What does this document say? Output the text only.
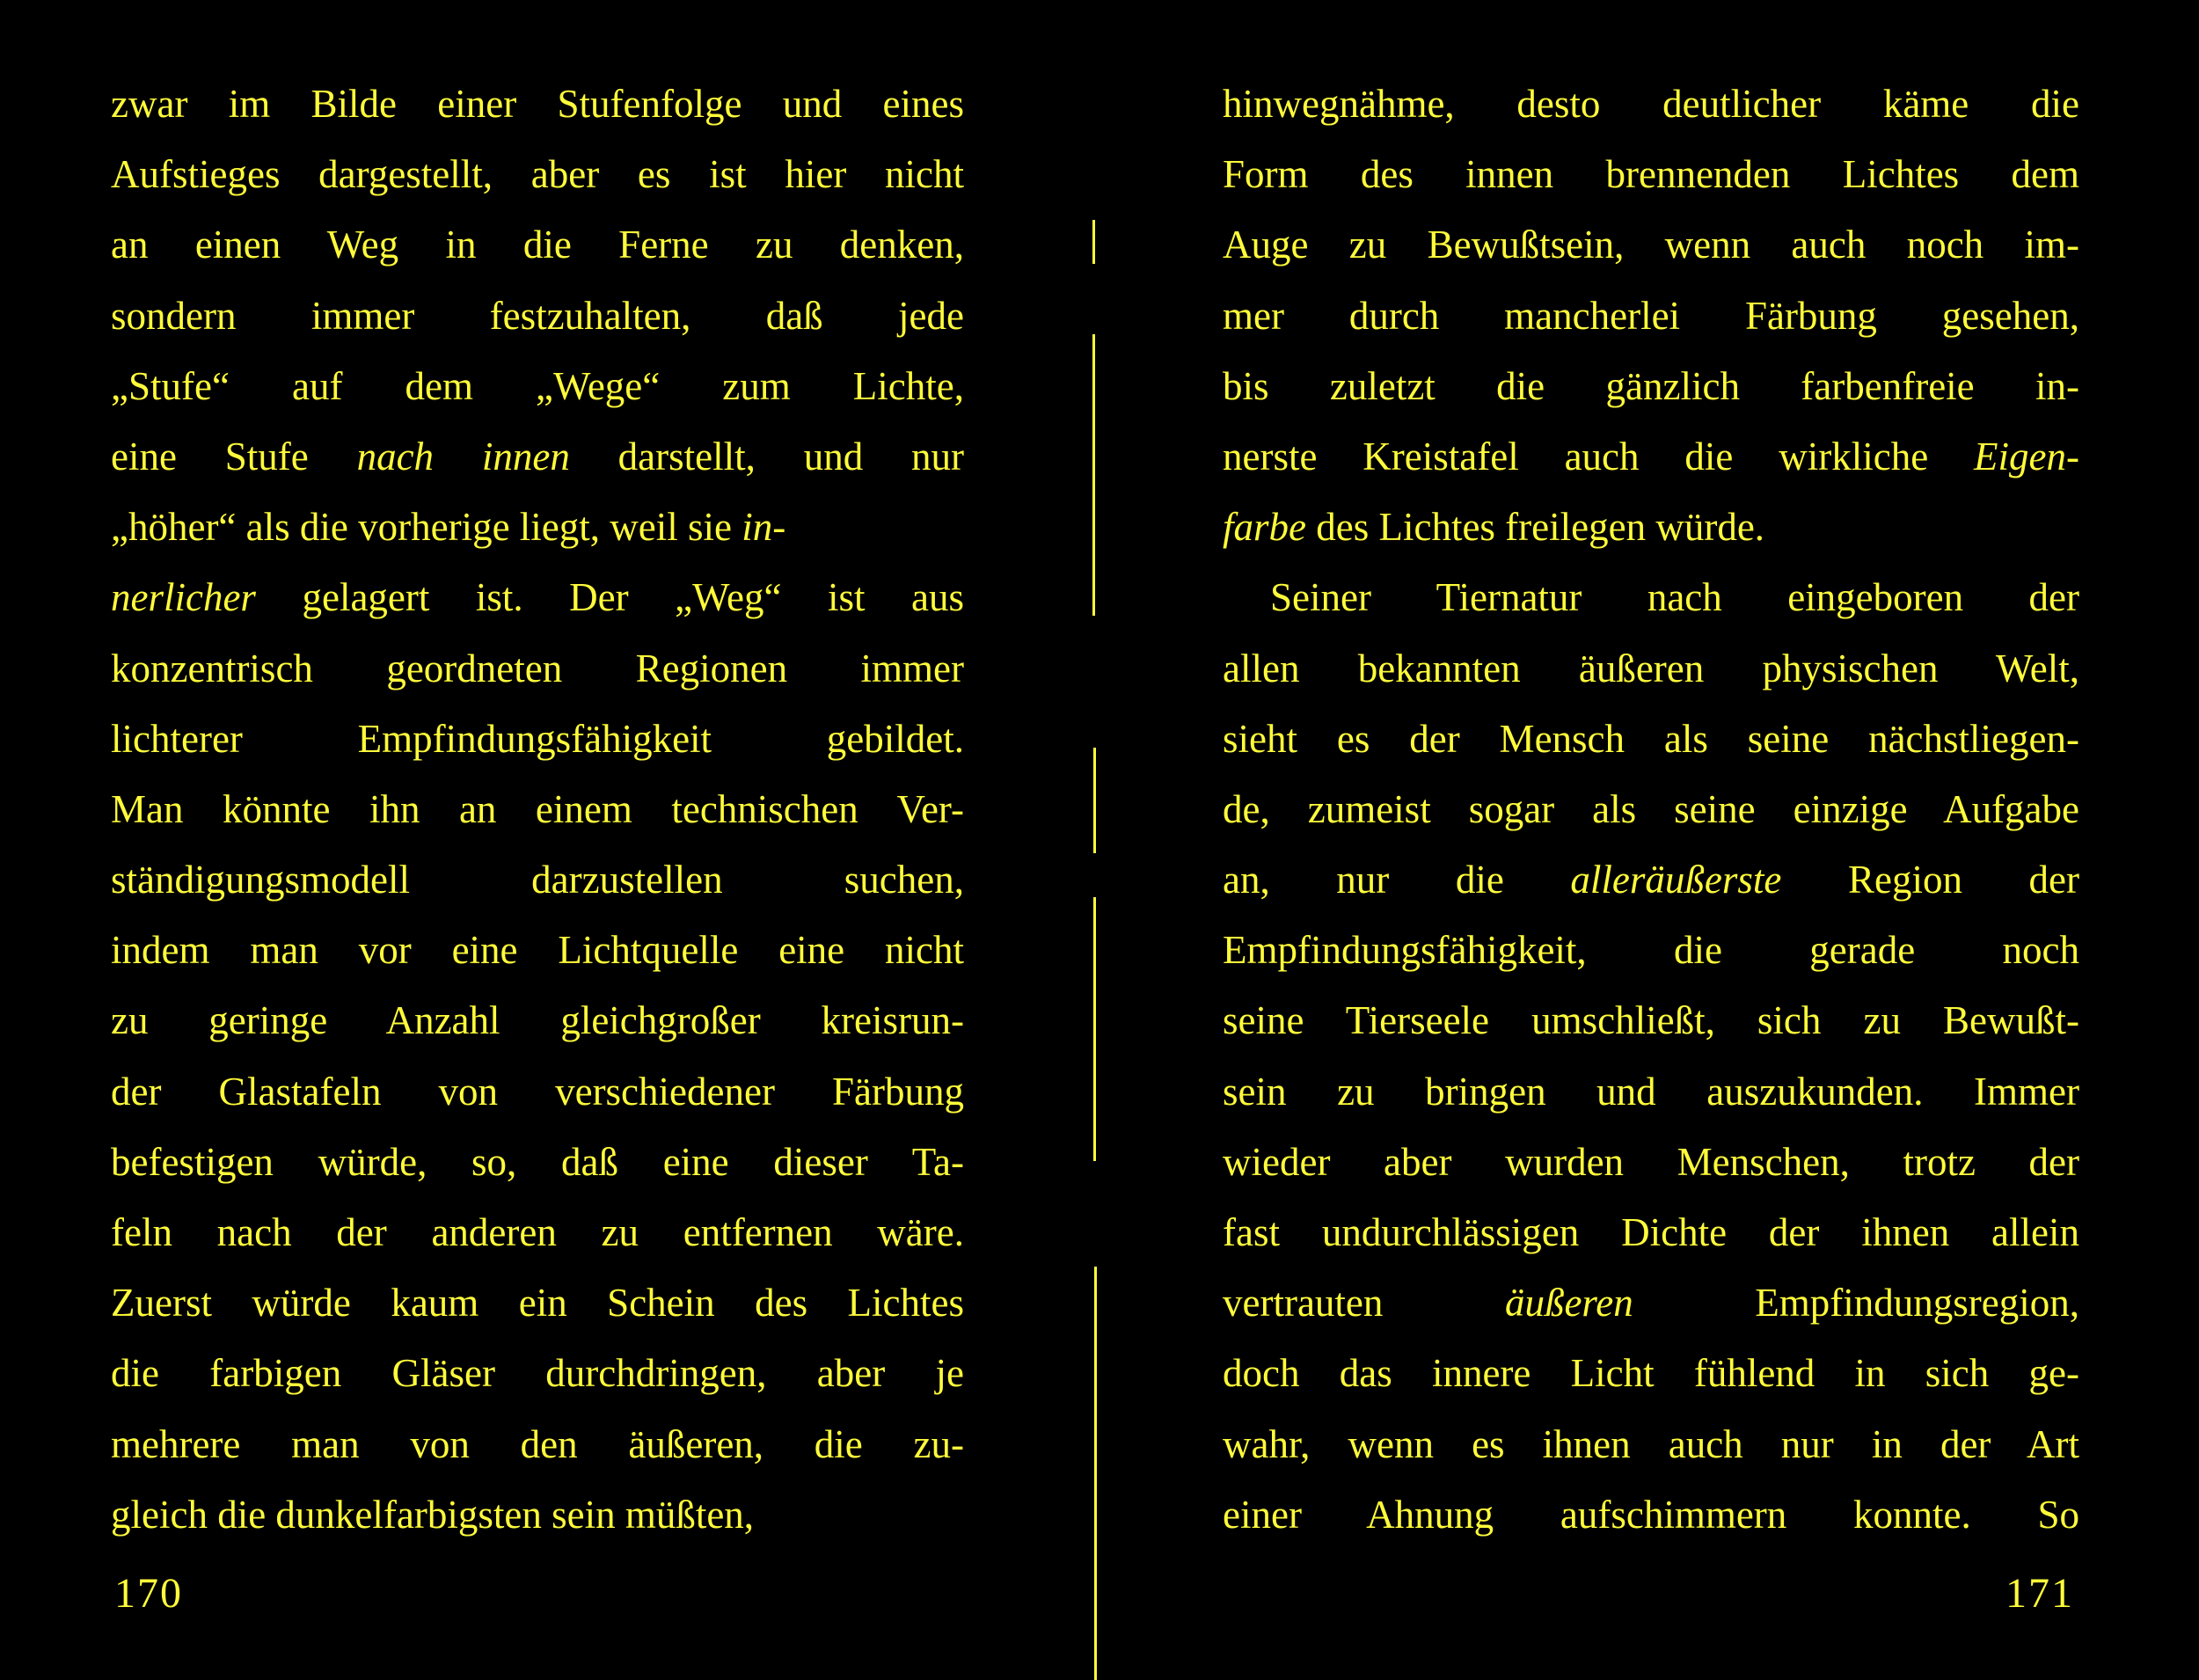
zwar im Bilde einer Stufenfolge und eines
Aufstieges dargestellt, aber es ist hier nicht
an einen Weg in die Ferne zu denken,
sondern immer festzuhalten, daß jede
„Stufe“ auf dem „Wege“ zum Lichte,
eine Stufe nach innen darstellt, und nur
„höher“ als die vorherige liegt, weil sie in-
nerlicher gelagert ist. Der „Weg“ ist aus
konzentrisch geordneten Regionen immer
lichterer Empfindungsfähigkeit gebildet.
Man könnte ihn an einem technischen Ver-
ständigungsmodell darzustellen suchen,
indem man vor eine Lichtquelle eine nicht
zu geringe Anzahl gleichgroßer kreisrun-
der Glastafeln von verschiedener Färbung
befestigen würde, so, daß eine dieser Ta-
feln nach der anderen zu entfernen wäre.
Zuerst würde kaum ein Schein des Lichtes
die farbigen Gläser durchdringen, aber je
mehrere man von den äußeren, die zu-
gleich die dunkelfarbigsten sein müßten,
170
hinwegnähme, desto deutlicher käme die
Form des innen brennenden Lichtes dem
Auge zu Bewußtsein, wenn auch noch im-
mer durch mancherlei Färbung gesehen,
bis zuletzt die gänzlich farbenfreie in-
nerste Kreistafel auch die wirkliche Eigen-
farbe des Lichtes freilegen würde.
Seiner Tiernatur nach eingeboren der
allen bekannten äußeren physischen Welt,
sieht es der Mensch als seine nächstliegen-
de, zumeist sogar als seine einzige Aufgabe
an, nur die alleräußerste Region der
Empfindungsfähigkeit, die gerade noch
seine Tierseele umschließt, sich zu Bewußt-
sein zu bringen und auszukunden. Immer
wieder aber wurden Menschen, trotz der
fast undurchlässigen Dichte der ihnen allein
vertrauten äußeren Empfindungsregion,
doch das innere Licht fühlend in sich ge-
wahr, wenn es ihnen auch nur in der Art
einer Ahnung aufschimmern konnte. So
171
